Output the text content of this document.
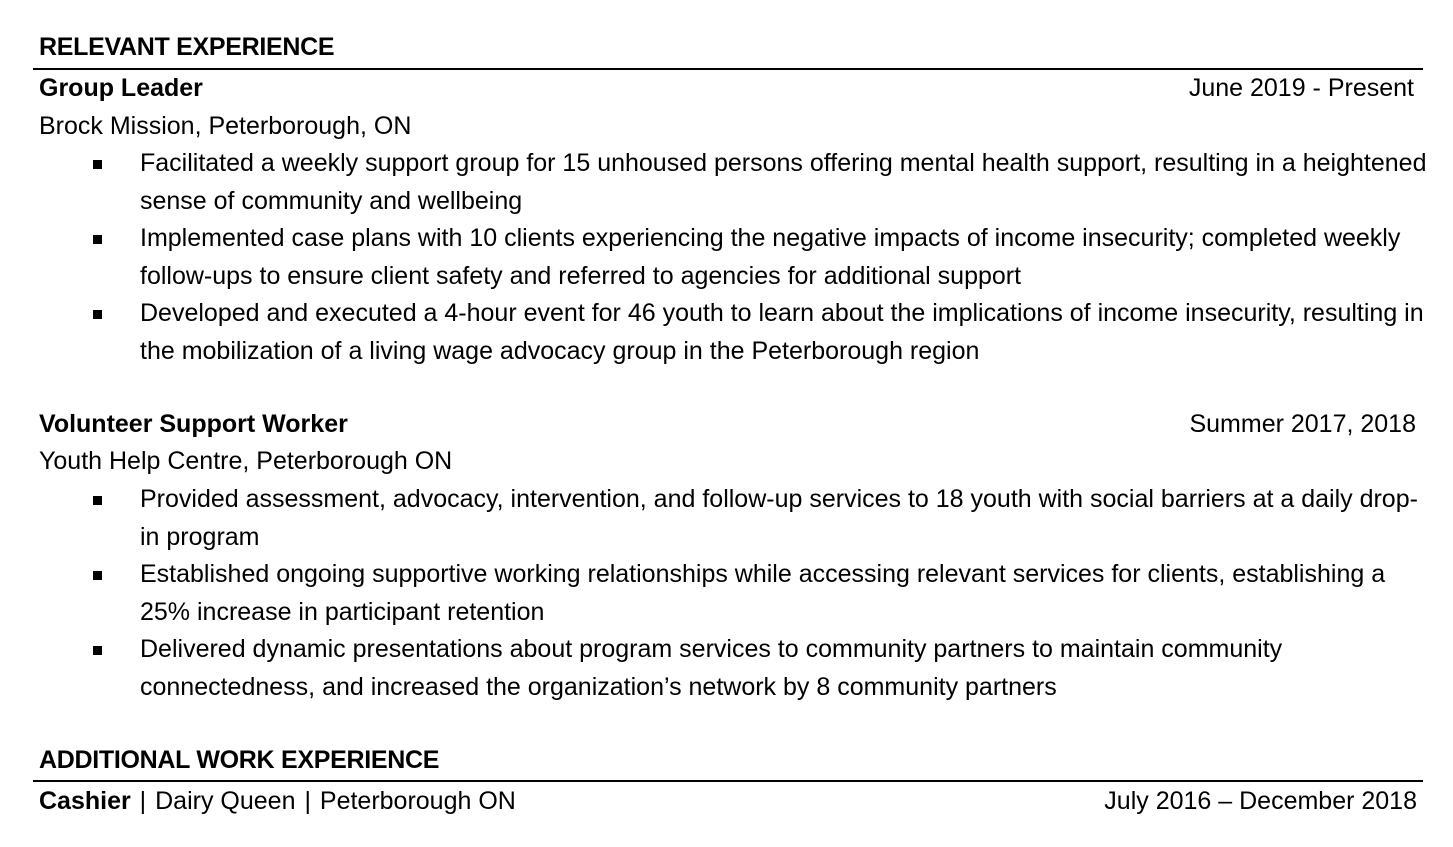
RELEVANT EXPERIENCE
Group Leader	June 2019 - Present
Brock Mission, Peterborough, ON
Facilitated a weekly support group for 15 unhoused persons offering mental health support, resulting in a heightened sense of community and wellbeing
Implemented case plans with 10 clients experiencing the negative impacts of income insecurity; completed weekly follow-ups to ensure client safety and referred to agencies for additional support
Developed and executed a 4-hour event for 46 youth to learn about the implications of income insecurity, resulting in the mobilization of a living wage advocacy group in the Peterborough region
Volunteer Support Worker	Summer 2017, 2018
Youth Help Centre, Peterborough ON
Provided assessment, advocacy, intervention, and follow-up services to 18 youth with social barriers at a daily drop-in program
Established ongoing supportive working relationships while accessing relevant services for clients, establishing a 25% increase in participant retention
Delivered dynamic presentations about program services to community partners to maintain community connectedness, and increased the organization’s network by 8 community partners
ADDITIONAL WORK EXPERIENCE
Cashier | Dairy Queen | Peterborough ON	July 2016 – December 2018
